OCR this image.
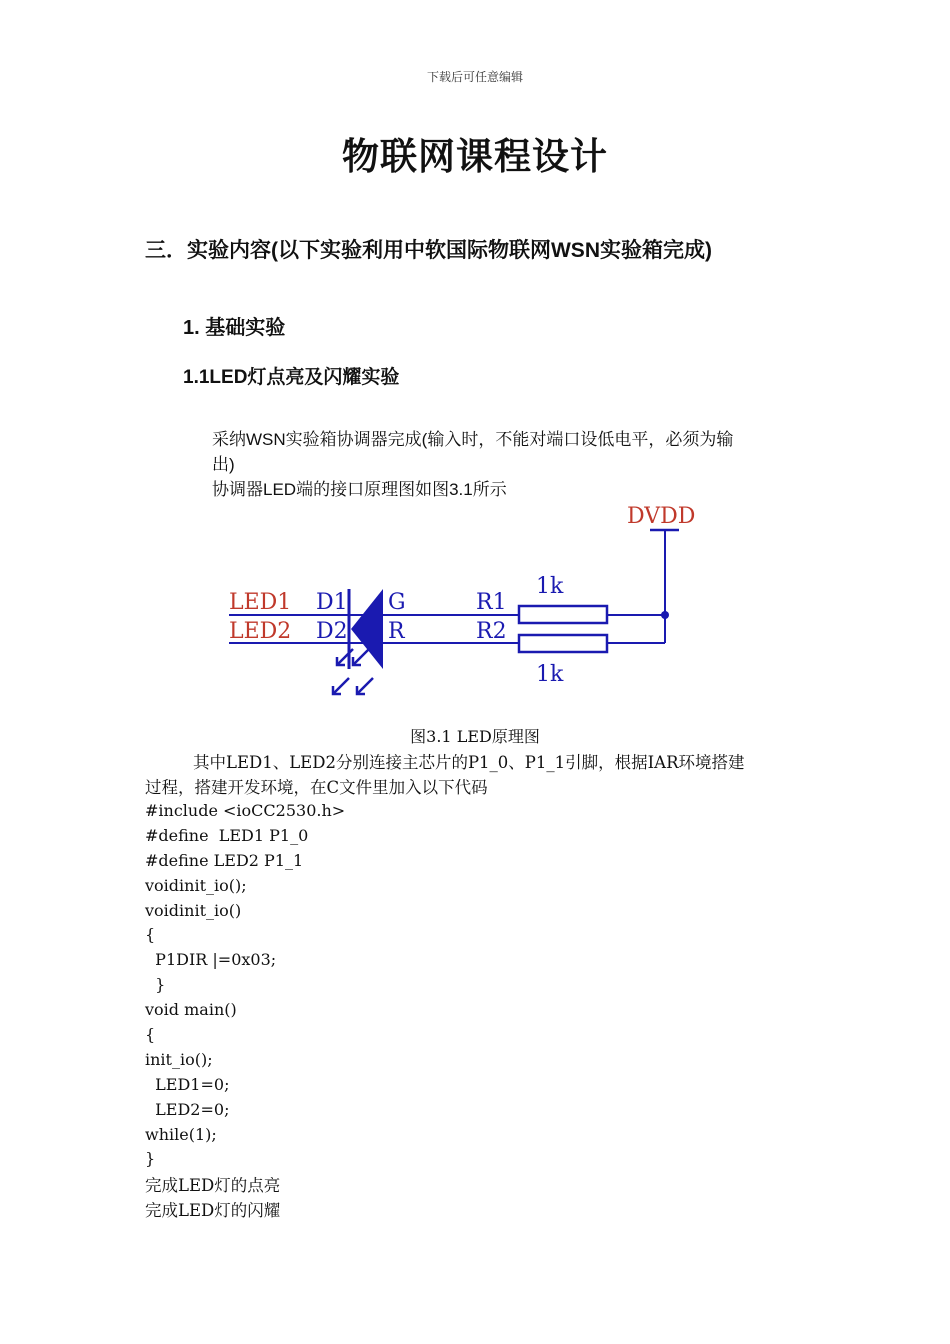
下载后可任意编辑
物联网课程设计
三．实验内容(以下实验利用中软国际物联网WSN实验箱完成)
1. 基础实验
1.1LED灯点亮及闪耀实验
采纳WSN实验箱协调器完成(输入时，不能对端口设低电平，必须为输
出)
协调器LED端的接口原理图如图3.1所示
DVDD
LED1
LED2
D1
D2
G
R
R1
R2
1k
1k
图3.1 LED原理图
其中LED1、LED2分别连接主芯片的P1_0、P1_1引脚，根据IAR环境搭建
过程，搭建开发环境，在C文件里加入以下代码
#include <ioCC2530.h>
#define  LED1 P1_0
#define LED2 P1_1
voidinit_io();
voidinit_io()
{
P1DIR |=0x03;
}
void main()
{
init_io();
LED1=0;
LED2=0;
while(1);
}
完成LED灯的点亮
完成LED灯的闪耀
